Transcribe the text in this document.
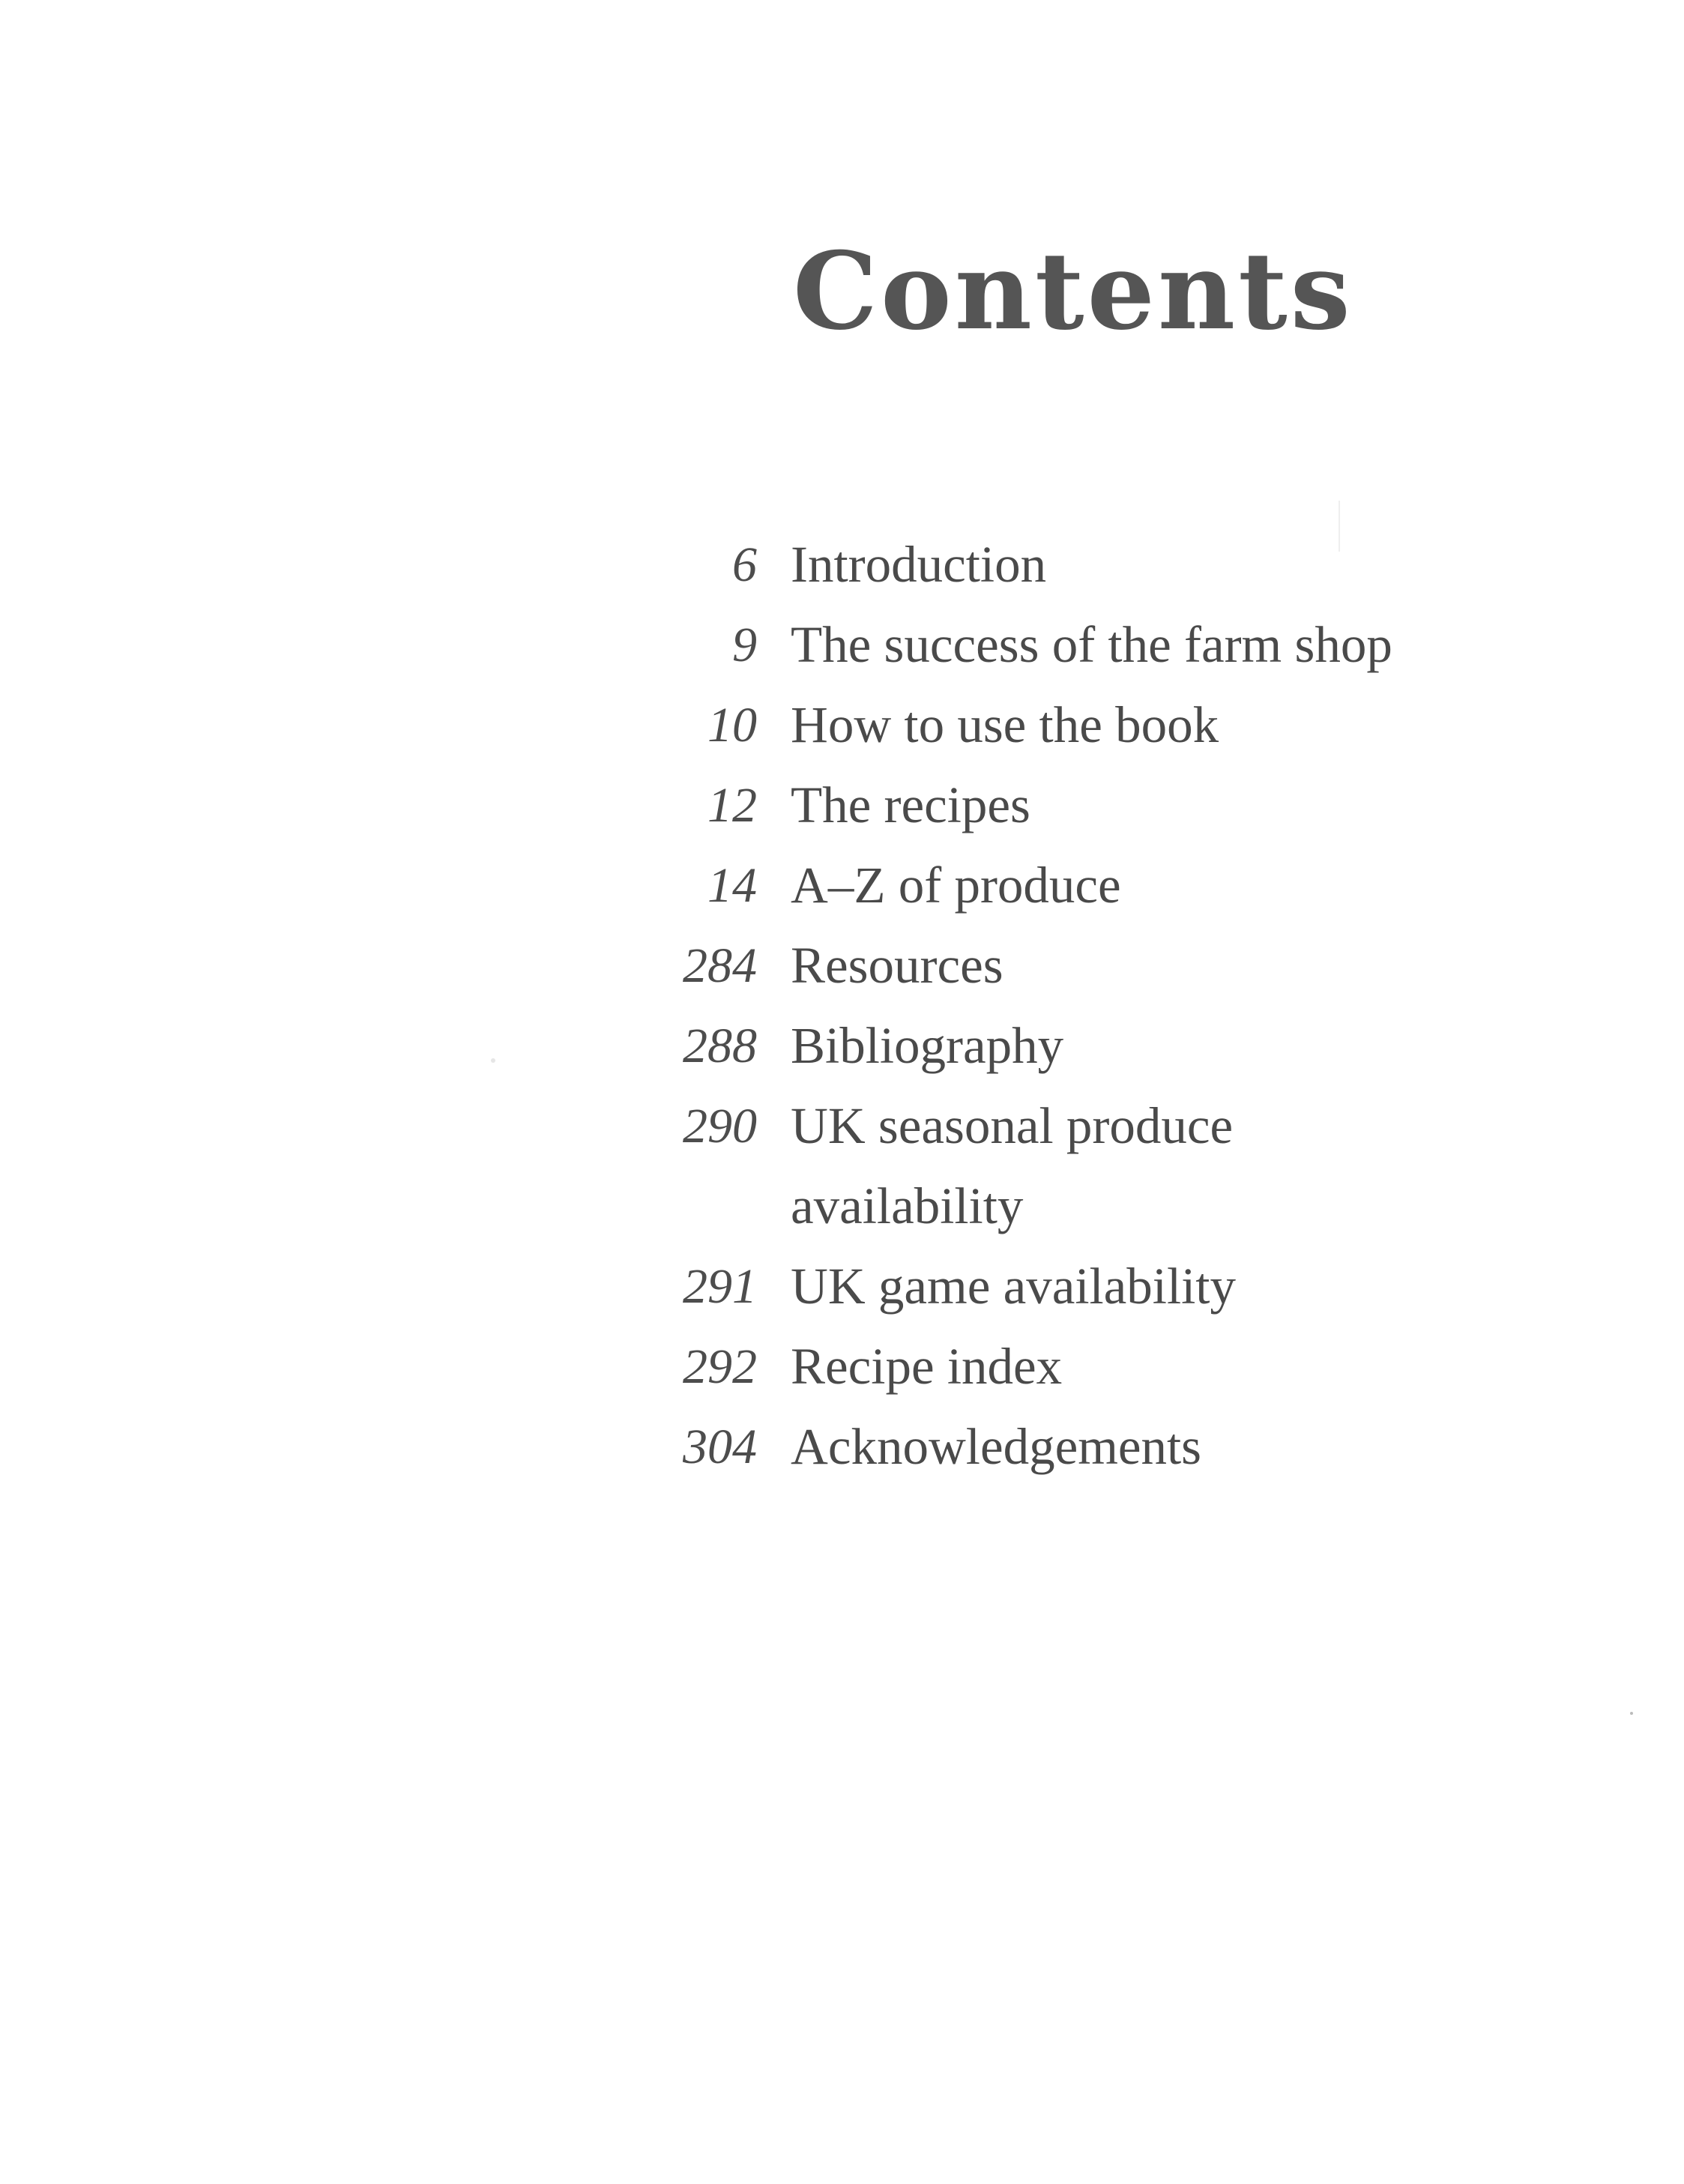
Contents
6 Introduction
9 The success of the farm shop
10 How to use the book
12 The recipes
14 A–Z of produce
284 Resources
288 Bibliography
290 UK seasonal produce availability
291 UK game availability
292 Recipe index
304 Acknowledgements
